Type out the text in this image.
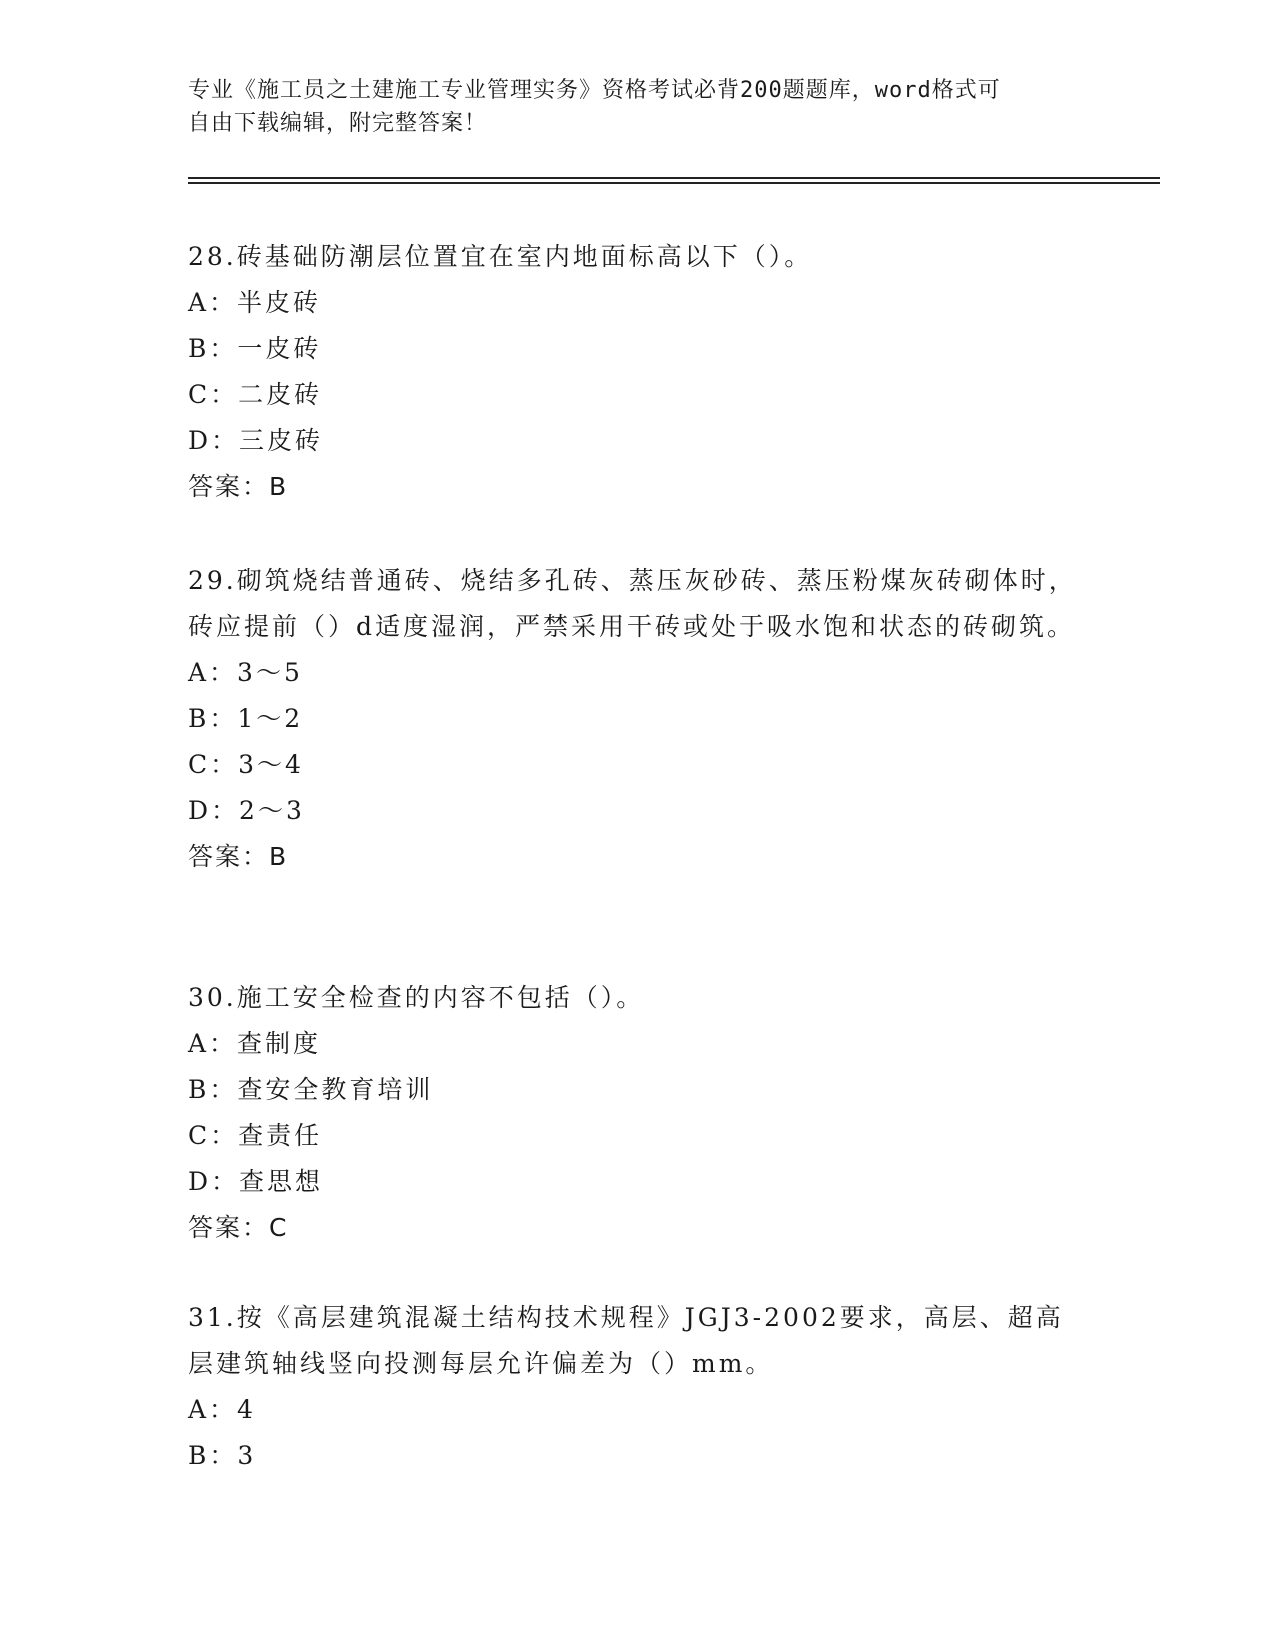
专业《施工员之土建施工专业管理实务》资格考试必背200题题库，word格式可
自由下载编辑，附完整答案！

28.砖基础防潮层位置宜在室内地面标高以下（）。

A：半皮砖

B：一皮砖

C：二皮砖

D：三皮砖

答案：B

29.砌筑烧结普通砖、烧结多孔砖、蒸压灰砂砖、蒸压粉煤灰砖砌体时，砖应提前（）d适度湿润，严禁采用干砖或处于吸水饱和状态的砖砌筑。

A：3～5

B：1～2

C：3～4

D：2～3

答案：B

30.施工安全检查的内容不包括（）。

A：查制度

B：查安全教育培训

C：查责任

D：查思想

答案：C

31.按《高层建筑混凝土结构技术规程》JGJ3-2002要求，高层、超高层建筑轴线竖向投测每层允许偏差为（）mm。

A：4

B：3
